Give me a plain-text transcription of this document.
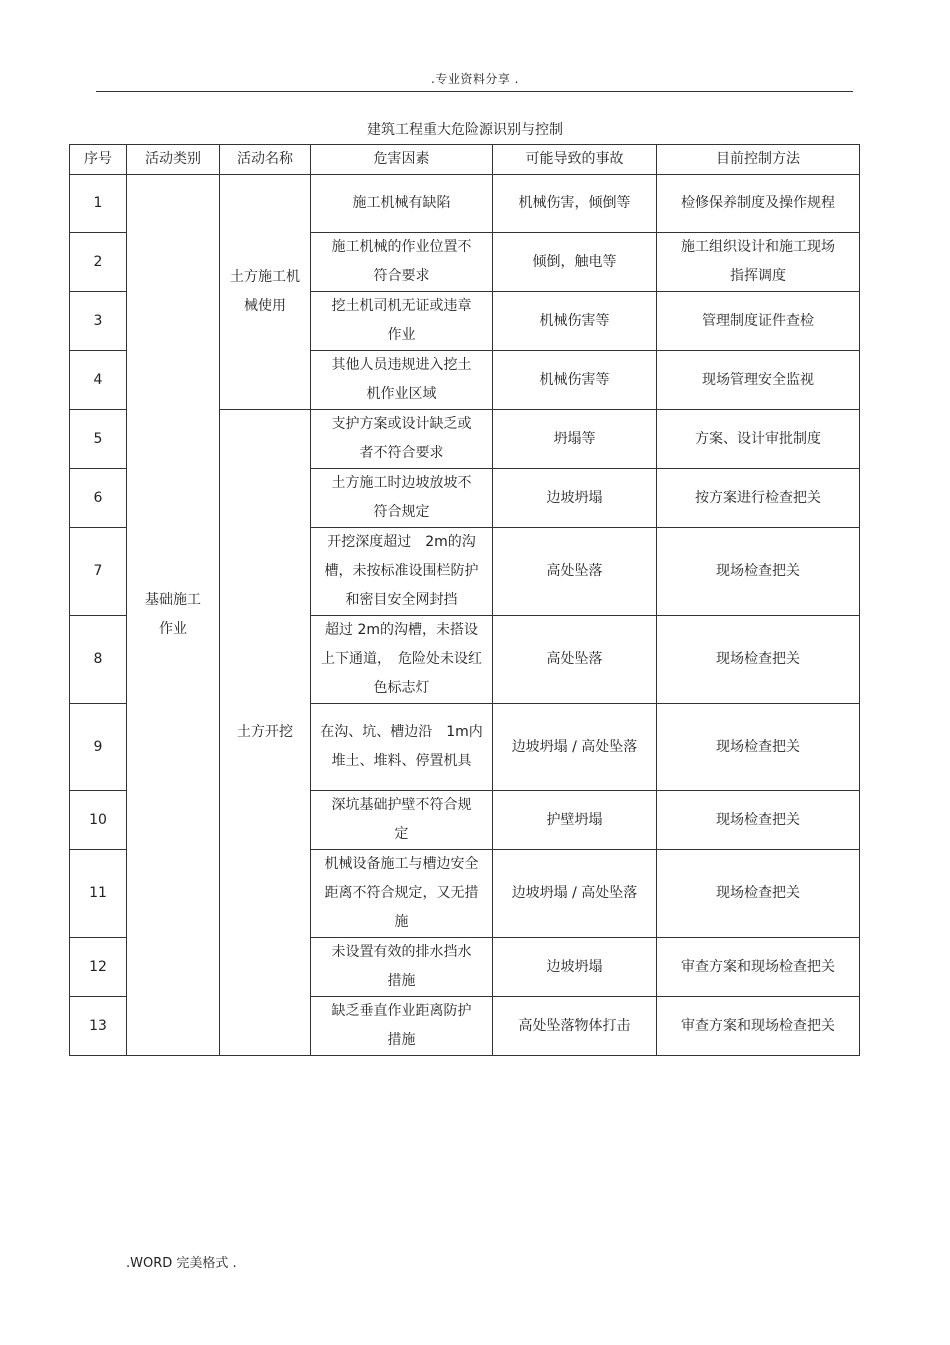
.专业资料分享 .
建筑工程重大危险源识别与控制
序号	活动类别	活动名称	危害因素	可能导致的事故	目前控制方法
1	基础施工作业	土方施工机械使用	施工机械有缺陷	机械伤害，倾倒等	检修保养制度及操作规程
2			施工机械的作业位置不符合要求	倾倒，触电等	施工组织设计和施工现场指挥调度
3			挖土机司机无证或违章作业	机械伤害等	管理制度证件查检
4			其他人员违规进入挖土机作业区域	机械伤害等	现场管理安全监视
5		土方开挖	支护方案或设计缺乏或者不符合要求	坍塌等	方案、设计审批制度
6			土方施工时边坡放坡不符合规定	边坡坍塌	按方案进行检查把关
7			开挖深度超过　2m的沟槽，未按标准设围栏防护和密目安全网封挡	高处坠落	现场检查把关
8			超过 2m的沟槽，未搭设上下通道，　危险处未设红色标志灯	高处坠落	现场检查把关
9			在沟、坑、槽边沿　1m内堆土、堆料、停置机具	边坡坍塌 / 高处坠落	现场检查把关
10			深坑基础护壁不符合规定	护壁坍塌	现场检查把关
11			机械设备施工与槽边安全距离不符合规定，又无措施	边坡坍塌 / 高处坠落	现场检查把关
12			未设置有效的排水挡水措施	边坡坍塌	审查方案和现场检查把关
13			缺乏垂直作业距离防护措施	高处坠落物体打击	审查方案和现场检查把关
.WORD 完美格式 .
